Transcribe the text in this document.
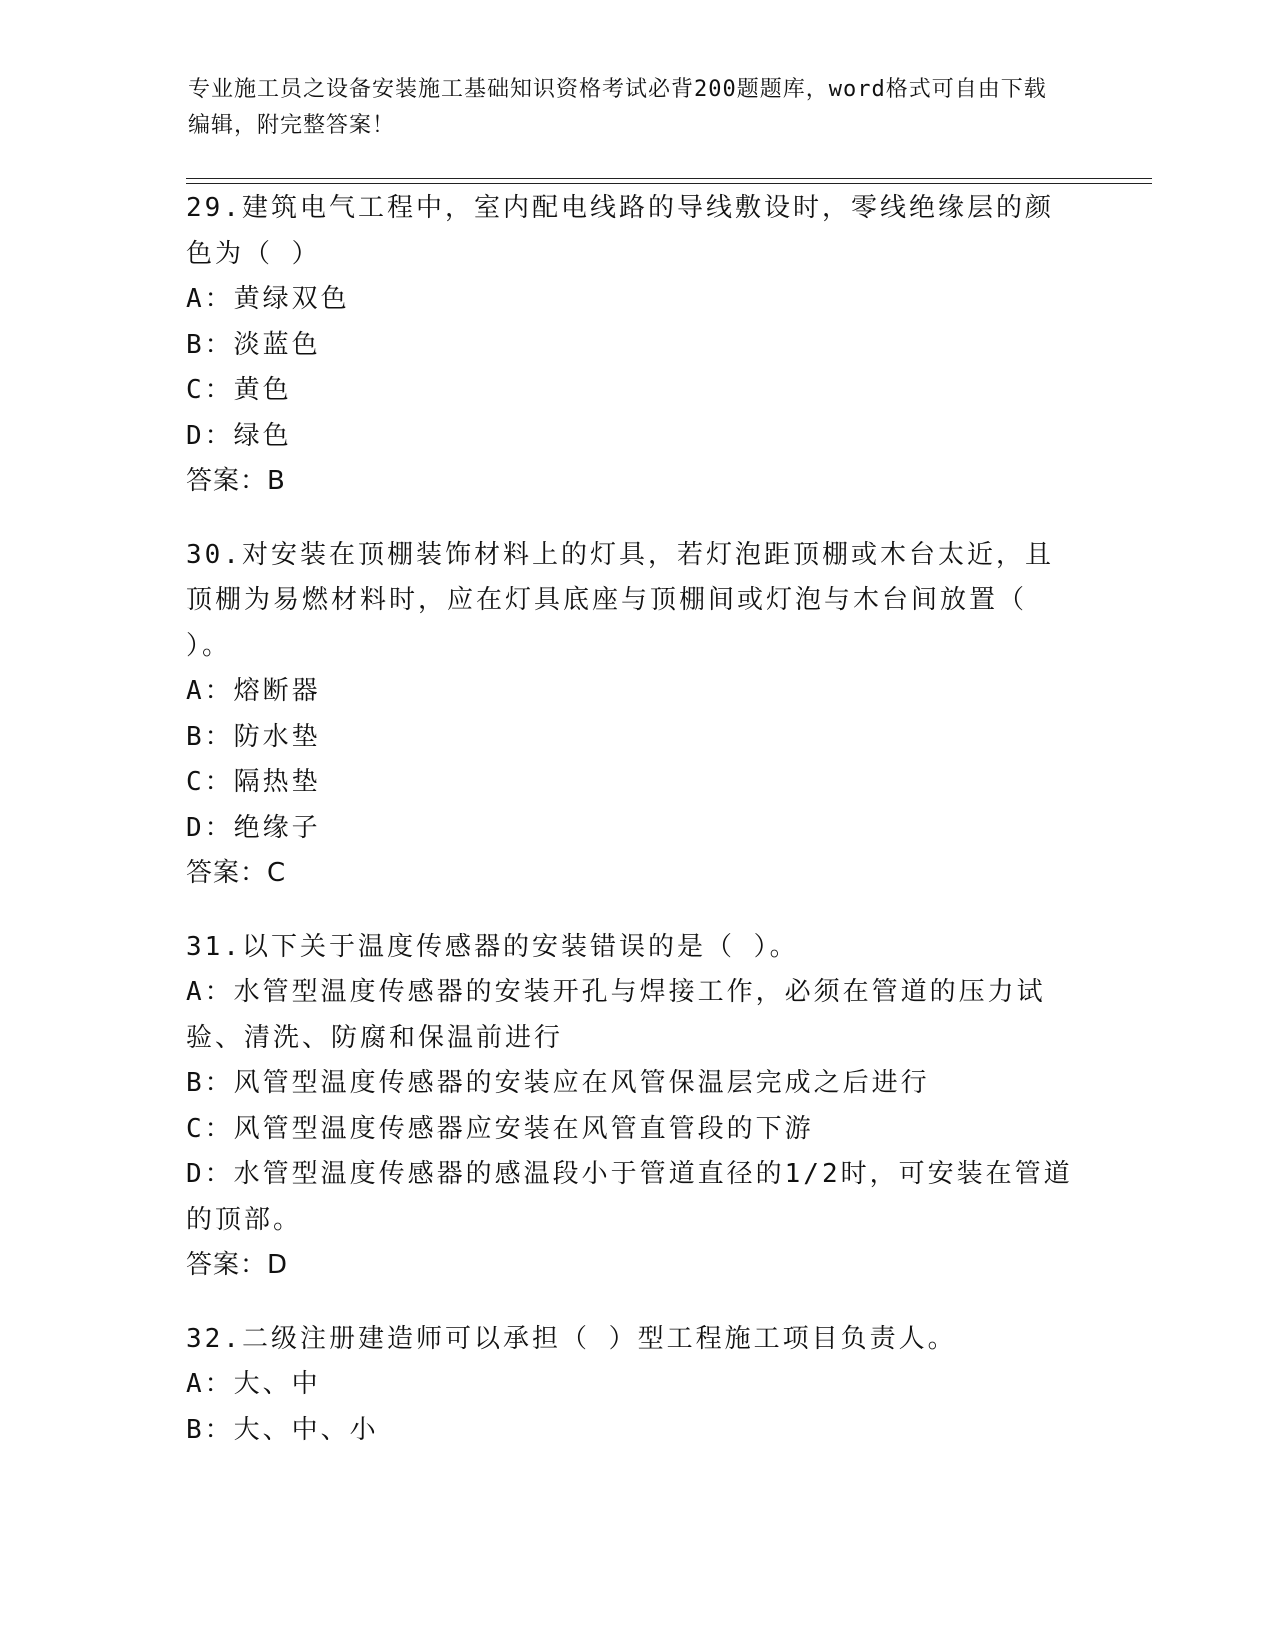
专业施工员之设备安装施工基础知识资格考试必背200题题库，word格式可自由下载编辑，附完整答案！
29.建筑电气工程中，室内配电线路的导线敷设时，零线绝缘层的颜色为（ ）
A：黄绿双色
B：淡蓝色
C：黄色
D：绿色
答案：B
30.对安装在顶棚装饰材料上的灯具，若灯泡距顶棚或木台太近，且顶棚为易燃材料时，应在灯具底座与顶棚间或灯泡与木台间放置（ ）。
A：熔断器
B：防水垫
C：隔热垫
D：绝缘子
答案：C
31.以下关于温度传感器的安装错误的是（ ）。
A：水管型温度传感器的安装开孔与焊接工作，必须在管道的压力试验、清洗、防腐和保温前进行
B：风管型温度传感器的安装应在风管保温层完成之后进行
C：风管型温度传感器应安装在风管直管段的下游
D：水管型温度传感器的感温段小于管道直径的1/2时，可安装在管道的顶部。
答案：D
32.二级注册建造师可以承担（ ）型工程施工项目负责人。
A：大、中
B：大、中、小
